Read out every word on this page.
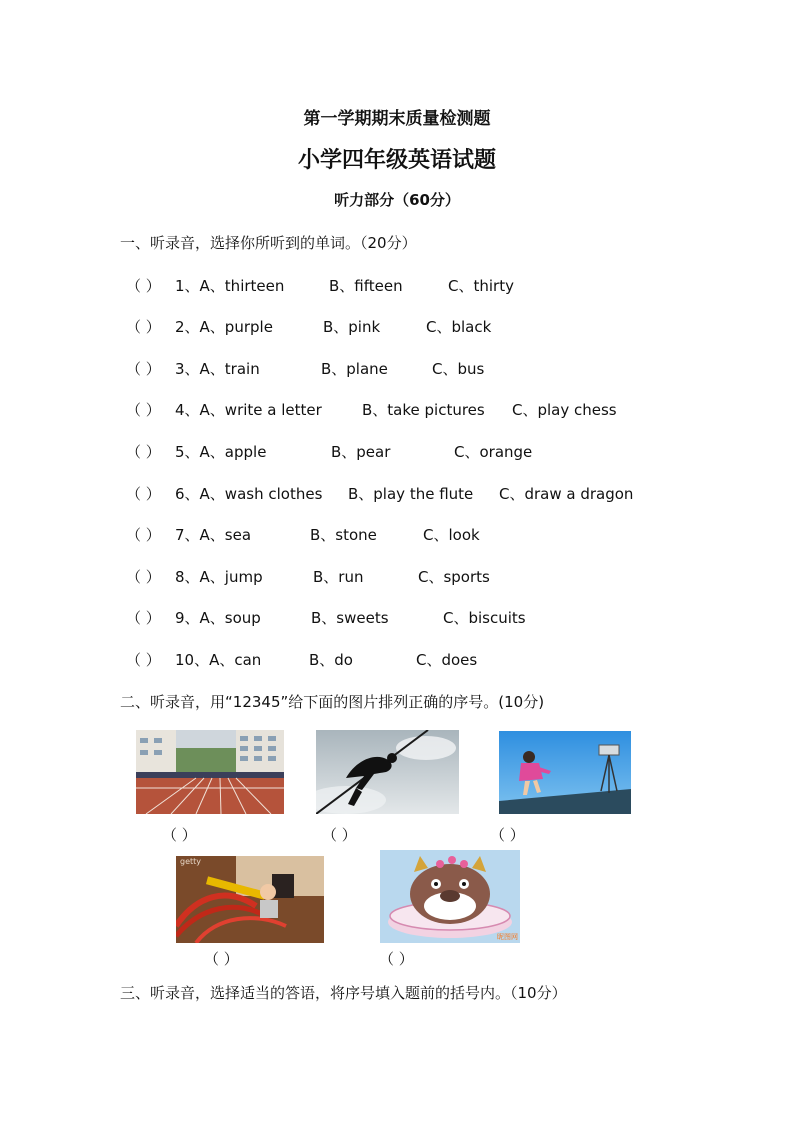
第一学期期末质量检测题
小学四年级英语试题
听力部分（60分）
一、听录音，选择你所听到的单词。（20分）
（ ） 1、A、thirteen	B、fifteen	C、thirty
（ ） 2、A、purple	B、pink	C、black
（ ） 3、A、train	B、plane	C、bus
（ ） 4、A、write a letter	B、take pictures C、play chess
（ ） 5、A、apple	B、pear	C、orange
（ ） 6、A、wash clothes B、play the flute C、draw a dragon
（ ） 7、A、sea	B、stone	C、look
（ ） 8、A、jump	B、run	C、sports
（ ） 9、A、soup	B、sweets	C、biscuits
（ ） 10、A、can	B、do	C、does
二、听录音，用“12345”给下面的图片排列正确的序号。(10分)
（ ）	（ ）	（ ）
getty
昵图网
（ ）	（ ）
三、听录音，选择适当的答语，将序号填入题前的括号内。（10分）
